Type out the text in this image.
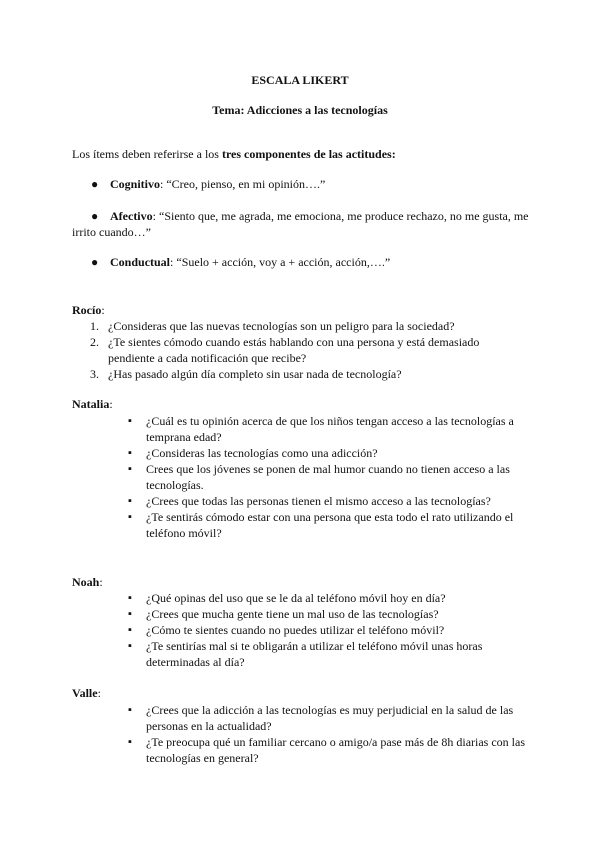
ESCALA LIKERT
Tema: Adicciones a las tecnologías
Los ítems deben referirse a los tres componentes de las actitudes:
● Cognitivo: “Creo, pienso, en mi opinión….”
● Afectivo: “Siento que, me agrada, me emociona, me produce rechazo, no me gusta, me irrito cuando…”
● Conductual: “Suelo + acción, voy a + acción, acción,….”
Rocío:
1. ¿Consideras que las nuevas tecnologías son un peligro para la sociedad?
2. ¿Te sientes cómodo cuando estás hablando con una persona y está demasiado pendiente a cada notificación que recibe?
3. ¿Has pasado algún día completo sin usar nada de tecnología?
Natalia:
▪	¿Cuál es tu opinión acerca de que los niños tengan acceso a las tecnologías a temprana edad?
▪	¿Consideras las tecnologías como una adicción?
▪	Crees que los jóvenes se ponen de mal humor cuando no tienen acceso a las tecnologías.
▪	¿Crees que todas las personas tienen el mismo acceso a las tecnologías?
▪	¿Te sentirás cómodo estar con una persona que esta todo el rato utilizando el teléfono móvil?
Noah:
▪	¿Qué opinas del uso que se le da al teléfono móvil hoy en día?
▪	¿Crees que mucha gente tiene un mal uso de las tecnologías?
▪	¿Cómo te sientes cuando no puedes utilizar el teléfono móvil?
▪	¿Te sentirías mal si te obligarán a utilizar el teléfono móvil unas horas determinadas al día?
Valle:
▪	¿Crees que la adicción a las tecnologías es muy perjudicial en la salud de las personas en la actualidad?
▪	¿Te preocupa qué un familiar cercano o amigo/a pase más de 8h diarias con las tecnologías en general?
